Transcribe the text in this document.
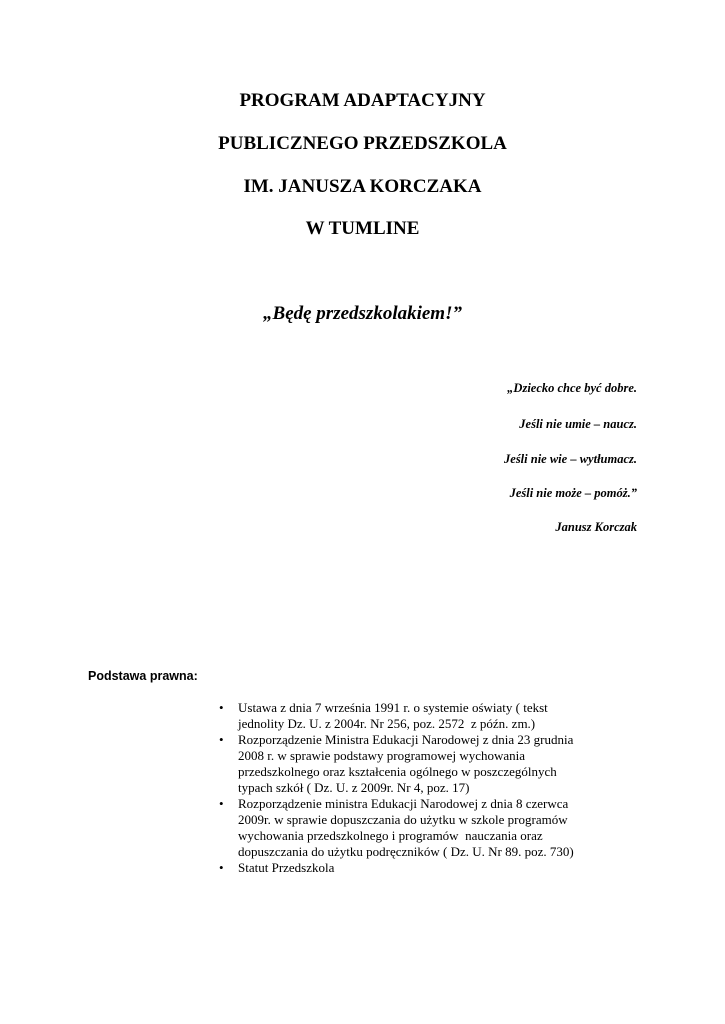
PROGRAM ADAPTACYJNY
PUBLICZNEGO PRZEDSZKOLA
IM. JANUSZA KORCZAKA
W TUMLINE
„Będę przedszkolakiem!”
„Dziecko chce być dobre.
Jeśli nie umie – naucz.
Jeśli nie wie – wytłumacz.
Jeśli nie może – pomóż.”
Janusz Korczak
Podstawa prawna:
• Ustawa z dnia 7 września 1991 r. o systemie oświaty ( tekst
jednolity Dz. U. z 2004r. Nr 256, poz. 2572  z późn. zm.)
• Rozporządzenie Ministra Edukacji Narodowej z dnia 23 grudnia
2008 r. w sprawie podstawy programowej wychowania
przedszkolnego oraz kształcenia ogólnego w poszczególnych
typach szkół ( Dz. U. z 2009r. Nr 4, poz. 17)
• Rozporządzenie ministra Edukacji Narodowej z dnia 8 czerwca
2009r. w sprawie dopuszczania do użytku w szkole programów
wychowania przedszkolnego i programów  nauczania oraz
dopuszczania do użytku podręczników ( Dz. U. Nr 89. poz. 730)
• Statut Przedszkola
